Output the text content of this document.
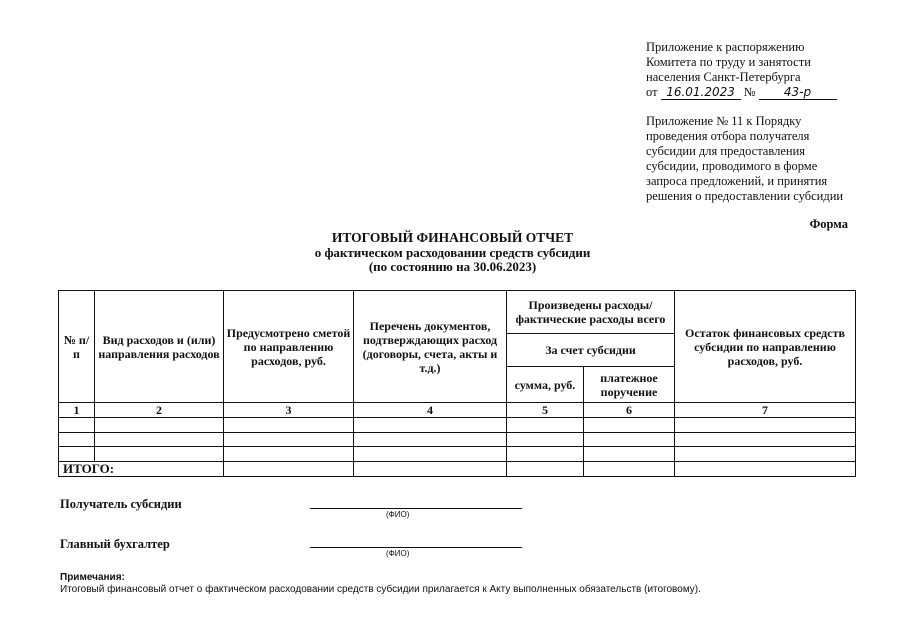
Приложение к распоряжению
Комитета по труду и занятости
населения Санкт-Петербурга
от 16.01.2023 №	43-р
Приложение № 11 к Порядку
проведения отбора получателя
субсидии для предоставления
субсидии, проводимого в форме
запроса предложений, и принятия
решения о предоставлении субсидии
Форма
ИТОГОВЫЙ ФИНАНСОВЫЙ ОТЧЕТ
о фактическом расходовании средств субсидии
(по состоянию на 30.06.2023)
№ п/п	Вид расходов и (или) направления расходов	Предусмотрено сметой по направлению расходов, руб.	Перечень документов, подтверждающих расход (договоры, счета, акты и т.д.)	Произведены расходы/фактические расходы всего		Остаток финансовых средств субсидии по направлению расходов, руб.
				За счет субсидии		
				сумма, руб.	платежное поручение	
1	2	3	4	5	6	7

ИТОГО:						
Получатель субсидии
(ФИО)
Главный бухгалтер
(ФИО)
Примечания:
Итоговый финансовый отчет о фактическом расходовании средств субсидии прилагается к Акту выполненных обязательств (итоговому).
